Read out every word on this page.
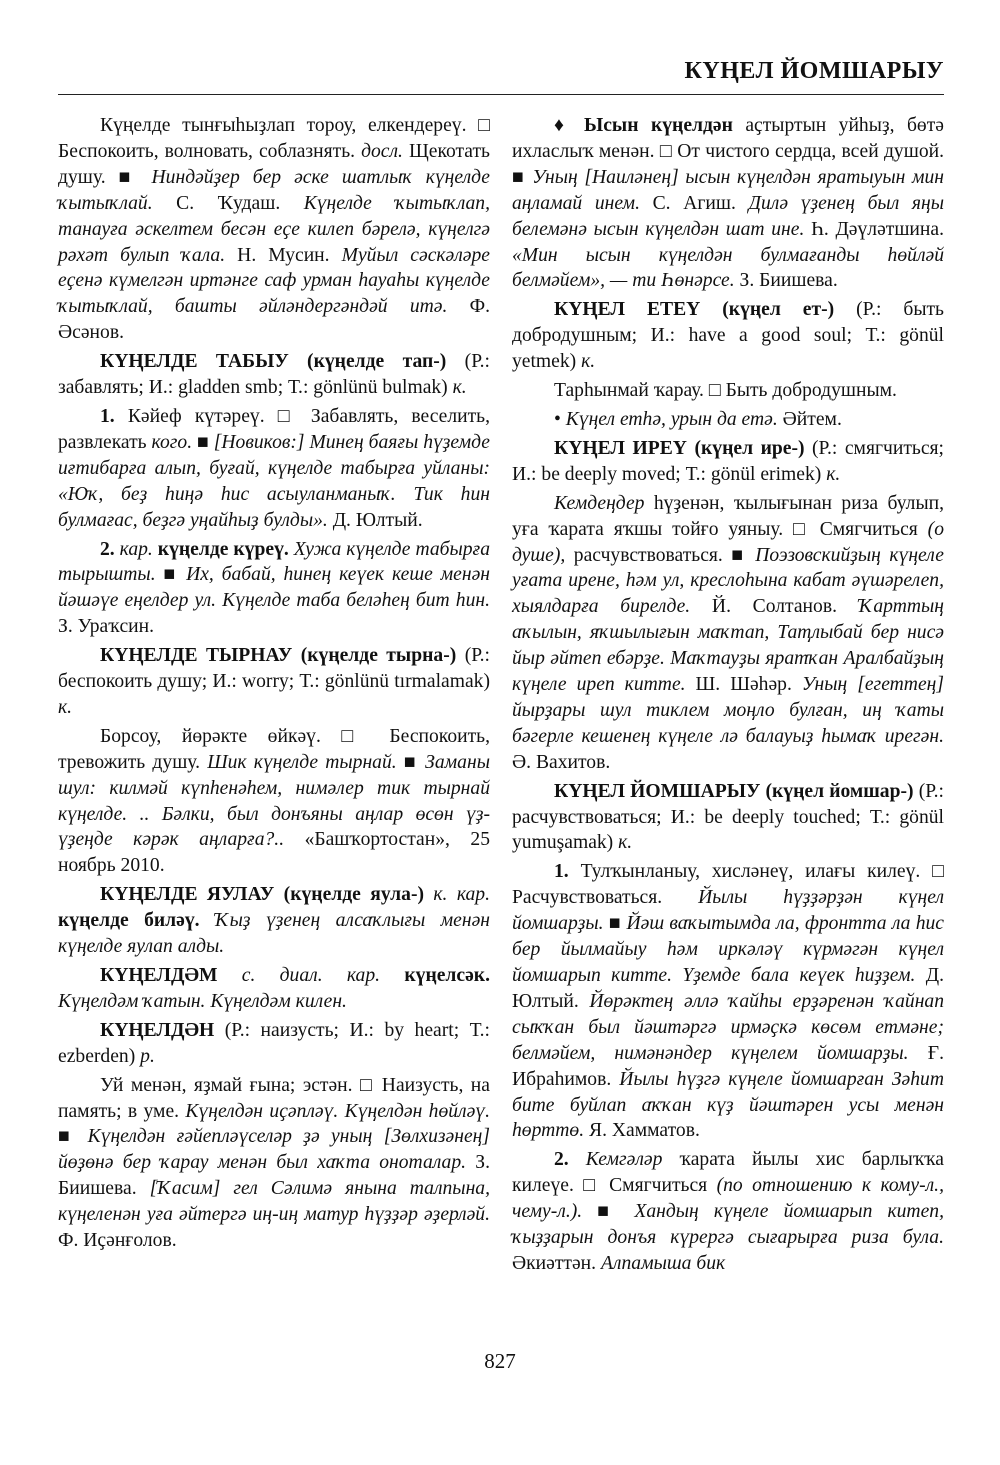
КҮҢЕЛ ЙОМШАРЫУ

Күңелде тынғыһыҙлап тороу, елкендереү. □ Беспокоить, волновать, соблазнять. досл. Щекотать душу. ■ Ниндәйҙер бер әске шатлыҡ күңелде ҡытыҡлай. С. Ҡудаш. Күңелде ҡытыҡлап, танауға әскелтем бесән еҫе килеп бәрелә, күңелгә рәхәт булып ҡала. Н. Мусин. Муйыл сәскәләре еҫенә күмелгән иртәнге саф урман һауаһы күңелде ҡытыҡлай, башты әйләндергәндәй итә. Ф. Әсәнов.

КҮҢЕЛДЕ ТАБЫУ (күңелде тап-) (Р.: забавлять; И.: gladden smb; Т.: gönlünü bulmak) к.

1. Кәйеф күтәреү. □ Забавлять, веселить, развлекать кого. ■ [Новиков:] Минең баяғы һүҙемде иғтибарға алып, буғай, күңелде табырға уйланы: «Юҡ, беҙ һиңә һис асыуланманыҡ. Тик һин булмағас, беҙгә уңайһыҙ булды». Д. Юлтый.

2. кар. күңелде күреү. Хужа күңелде табырға тырышты. ■ Их, бабай, һинең кеүек кеше менән йәшәүе еңелдер ул. Күңелде таба беләһең бит һин. З. Ураҡсин.

КҮҢЕЛДЕ ТЫРНАУ (күңелде тырна-) (Р.: беспокоить душу; И.: worry; Т.: gönlünü tırmalamak) к.

Борсоу, йөрәкте өйкәү. □ Беспокоить, тревожить душу. Шик күңелде тырнай. ■ Заманы шул: килмәй күпһенәһем, нимәлер тик тырнай күңелде. .. Бәлки, был донъяны аңлар өсөн үҙ-үҙеңде кәрәк аңларға?.. «Башҡортостан», 25 ноябрь 2010.

КҮҢЕЛДЕ ЯУЛАУ (күңелде яула-) к. кар. күңелде биләү. Ҡыҙ үҙенең алсаҡлығы менән күңелде яулап алды.

КҮҢЕЛДӘМ с. диал. кар. күңелсәк. Күңелдәм ҡатын. Күңелдәм килен.

КҮҢЕЛДӘН (Р.: наизусть; И.: by heart; Т.: ezberden) р.

Уй менән, яҙмай ғына; эстән. □ Наизусть, на память; в уме. Күңелдән иҫәпләү. Күңелдән һөйләү. ■ Күңелдән ғәйепләүселәр ҙә уның [Зөлхизәнең] йөҙөнә бер ҡарау менән был хаҡта оноталар. З. Биишева. [Ҡасим] гел Сәлимә янына талпына, күңеленән уға әйтергә иң-иң матур һүҙҙәр әҙерләй. Ф. Иҫәнғолов.

♦ Ысын күңелдән аҫтыртын уйһыҙ, бөтә ихласлыҡ менән. □ От чистого сердца, всей душой. ■ Уның [Наиләнең] ысын күңелдән яратыуын мин аңламай инем. С. Агиш. Дилә үҙенең был яңы белемәнә ысын күңелдән шат ине. Һ. Дәүләтшина. «Мин ысын күңелдән булмағанды һөйләй белмәйем», — ти Һөнәрсе. З. Биишева.

КҮҢЕЛ ЕТЕҮ (күңел ет-) (Р.: быть добродушным; И.: have a good soul; Т.: gönül yetmek) к.

Тарһынмай ҡарау. □ Быть добродушным.

• Күңел етһә, урын да етә. Әйтем.

КҮҢЕЛ ИРЕҮ (күңел ире-) (Р.: смягчиться; И.: be deeply moved; Т.: gönül erimek) к.

Кемдеңдер һүҙенән, ҡылығынан риза булып, уға ҡарата яҡшы тойғо уяныу. □ Смягчиться (о душе), расчувствоваться. ■ Поэзовскийҙың күңеле уғата ирене, һәм ул, креслоһына кабат әүшәрелеп, хыялдарға бирелде. Й. Солтанов. Ҡарттың аҡылын, яҡшылығын маҡтап, Таҭлыбай бер нисә йыр әйтеп ебәрҙе. Маҡтауҙы яратҡан Аралбайҙың күңеле иреп китте. Ш. Шәһәр. Уның [егеттең] йырҙары шул тиклем моңло булған, иң ҡаты бәгерле кешенең күңеле лә балауыҙ һымаҡ ирегән. Ә. Вахитов.

КҮҢЕЛ ЙОМШАРЫУ (күңел йомшар-) (Р.: расчувствоваться; И.: be deeply touched; Т.: gönül yumuşamak) к.

1. Тулҡынланыу, хисләнеү, илағы килеү. □ Расчувствоваться. Йылы һүҙҙәрҙән күңел йомшарҙы. ■ Йәш ваҡытымда ла, фронтта ла һис бер йылмайыу һәм иркәләү күрмәгән күңел йомшарып китте. Үҙемде бала кеүек һиҙҙем. Д. Юлтый. Йөрәктең әллә ҡайһы ерҙәренән ҡайнап сыҡҡан был йәштәргә ирмәҫкә көсөм етмәне; белмәйем, нимәнәндер күңелем йомшарҙы. Ғ. Ибраһимов. Йылы һүҙгә күңеле йомшарған Зәһит бите буйлап аҡҡан күҙ йәштәрен усы менән һөрттө. Я. Хамматов.

2. Кемгәләр ҡарата йылы хис барлыҡҡа килеүе. □ Смягчиться (по отношению к кому-л., чему-л.). ■ Хандың күңеле йомшарып китеп, ҡыҙҙарын донъя күрергә сығарырға риза була. Әкиәттән. Алпамыша бик

827
